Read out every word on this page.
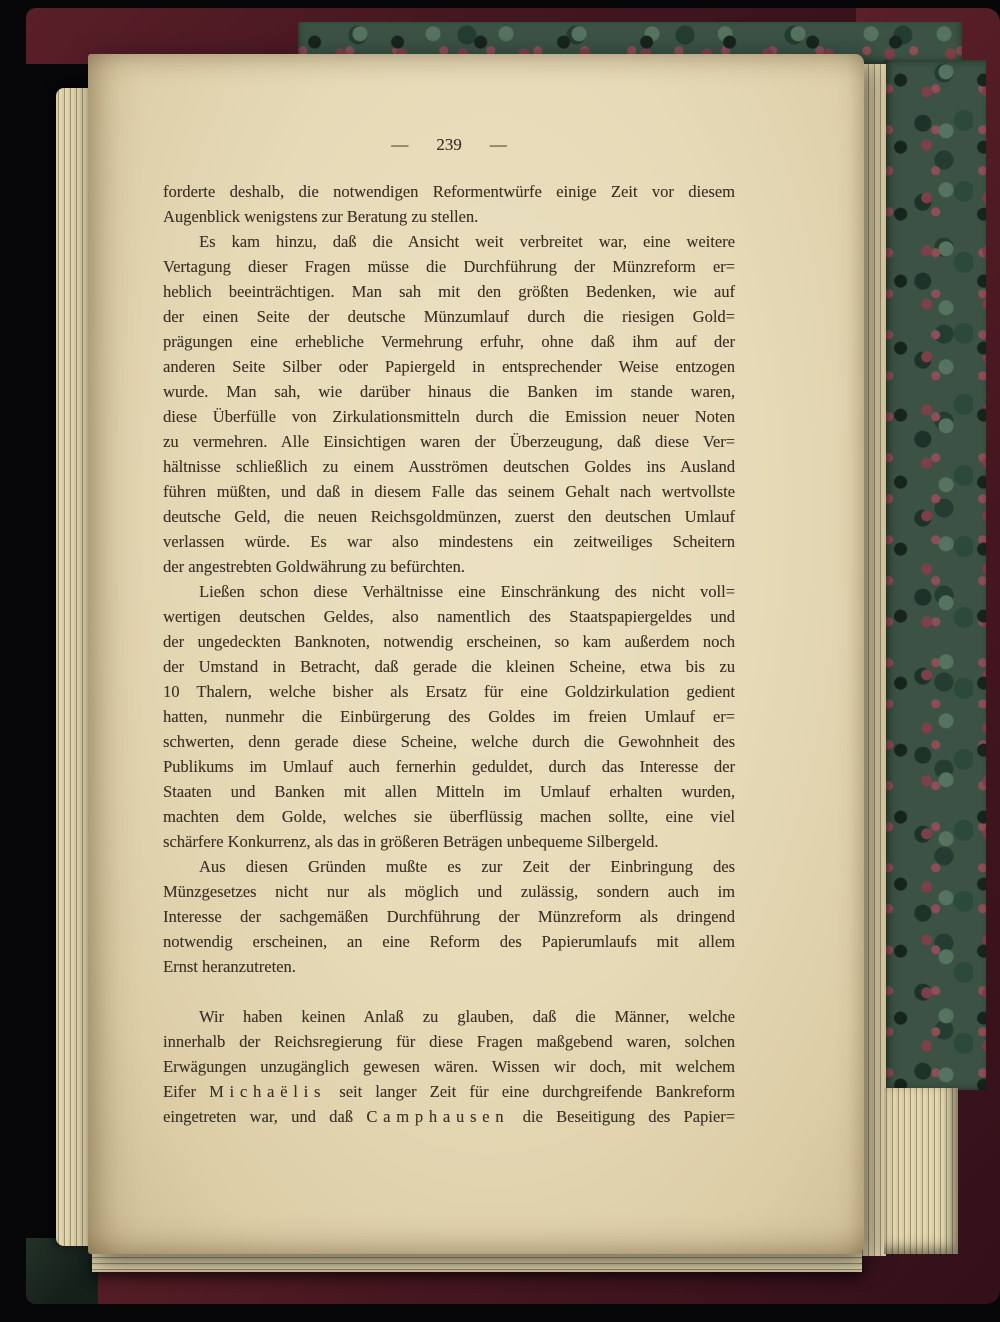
— 239 —
forderte deshalb, die notwendigen Reformentwürfe einige Zeit vor diesem
Augenblick wenigstens zur Beratung zu stellen.
Es kam hinzu, daß die Ansicht weit verbreitet war, eine weitere
Vertagung dieser Fragen müsse die Durchführung der Münzreform er=
heblich beeinträchtigen. Man sah mit den größten Bedenken, wie auf
der einen Seite der deutsche Münzumlauf durch die riesigen Gold=
prägungen eine erhebliche Vermehrung erfuhr, ohne daß ihm auf der
anderen Seite Silber oder Papiergeld in entsprechender Weise entzogen
wurde. Man sah, wie darüber hinaus die Banken im stande waren,
diese Überfülle von Zirkulationsmitteln durch die Emission neuer Noten
zu vermehren. Alle Einsichtigen waren der Überzeugung, daß diese Ver=
hältnisse schließlich zu einem Ausströmen deutschen Goldes ins Ausland
führen müßten, und daß in diesem Falle das seinem Gehalt nach wertvollste
deutsche Geld, die neuen Reichsgoldmünzen, zuerst den deutschen Umlauf
verlassen würde. Es war also mindestens ein zeitweiliges Scheitern
der angestrebten Goldwährung zu befürchten.
Ließen schon diese Verhältnisse eine Einschränkung des nicht voll=
wertigen deutschen Geldes, also namentlich des Staatspapiergeldes und
der ungedeckten Banknoten, notwendig erscheinen, so kam außerdem noch
der Umstand in Betracht, daß gerade die kleinen Scheine, etwa bis zu
10 Thalern, welche bisher als Ersatz für eine Goldzirkulation gedient
hatten, nunmehr die Einbürgerung des Goldes im freien Umlauf er=
schwerten, denn gerade diese Scheine, welche durch die Gewohnheit des
Publikums im Umlauf auch fernerhin geduldet, durch das Interesse der
Staaten und Banken mit allen Mitteln im Umlauf erhalten wurden,
machten dem Golde, welches sie überflüssig machen sollte, eine viel
schärfere Konkurrenz, als das in größeren Beträgen unbequeme Silbergeld.
Aus diesen Gründen mußte es zur Zeit der Einbringung des
Münzgesetzes nicht nur als möglich und zulässig, sondern auch im
Interesse der sachgemäßen Durchführung der Münzreform als dringend
notwendig erscheinen, an eine Reform des Papierumlaufs mit allem
Ernst heranzutreten.
Wir haben keinen Anlaß zu glauben, daß die Männer, welche
innerhalb der Reichsregierung für diese Fragen maßgebend waren, solchen
Erwägungen unzugänglich gewesen wären. Wissen wir doch, mit welchem
Eifer Michaëlis seit langer Zeit für eine durchgreifende Bankreform
eingetreten war, und daß Camphausen die Beseitigung des Papier=
